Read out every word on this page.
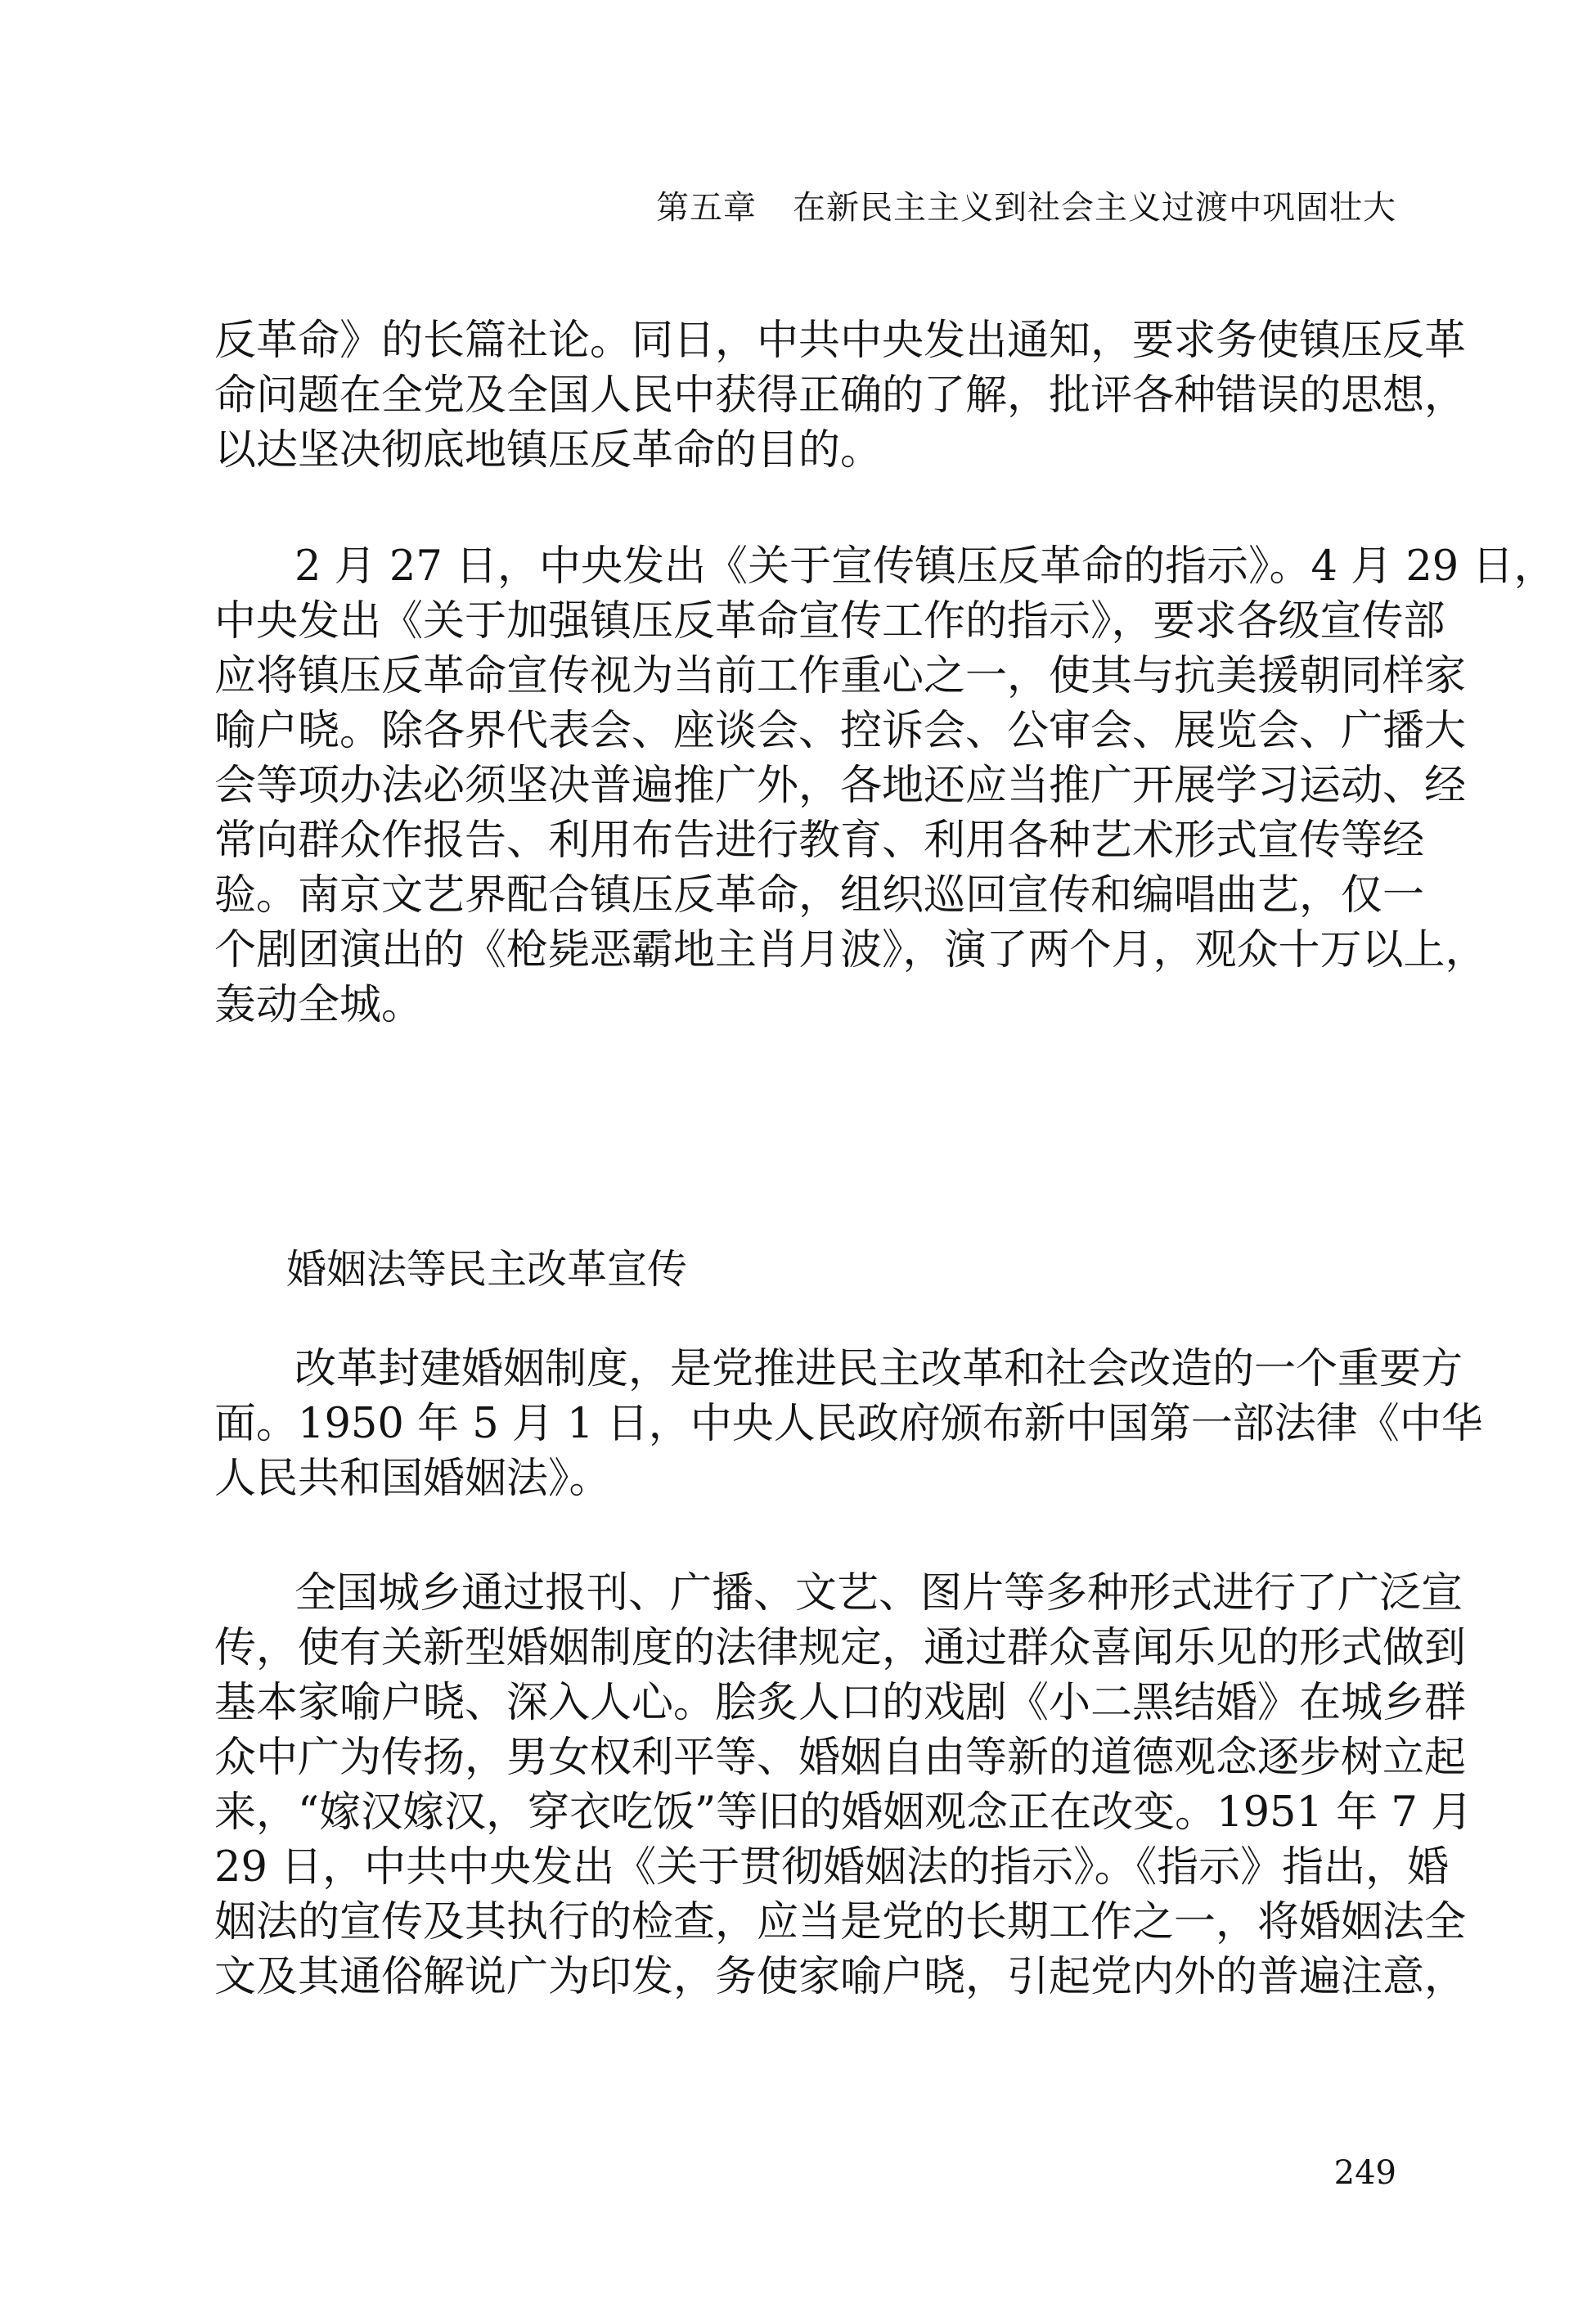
第五章 在新民主主义到社会主义过渡中巩固壮大
反革命》的长篇社论。同日，中共中央发出通知，要求务使镇压反革
命问题在全党及全国人民中获得正确的了解，批评各种错误的思想，
以达坚决彻底地镇压反革命的目的。
2 月 27 日，中央发出《关于宣传镇压反革命的指示》。4 月 29 日，
中央发出《关于加强镇压反革命宣传工作的指示》，要求各级宣传部
应将镇压反革命宣传视为当前工作重心之一，使其与抗美援朝同样家
喻户晓。除各界代表会、座谈会、控诉会、公审会、展览会、广播大
会等项办法必须坚决普遍推广外，各地还应当推广开展学习运动、经
常向群众作报告、利用布告进行教育、利用各种艺术形式宣传等经
验。南京文艺界配合镇压反革命，组织巡回宣传和编唱曲艺，仅一
个剧团演出的《枪毙恶霸地主肖月波》，演了两个月，观众十万以上，
轰动全城。
婚姻法等民主改革宣传
改革封建婚姻制度，是党推进民主改革和社会改造的一个重要方
面。1950 年 5 月 1 日，中央人民政府颁布新中国第一部法律《中华
人民共和国婚姻法》。
全国城乡通过报刊、广播、文艺、图片等多种形式进行了广泛宣
传，使有关新型婚姻制度的法律规定，通过群众喜闻乐见的形式做到
基本家喻户晓、深入人心。脍炙人口的戏剧《小二黑结婚》在城乡群
众中广为传扬，男女权利平等、婚姻自由等新的道德观念逐步树立起
来，“嫁汉嫁汉，穿衣吃饭”等旧的婚姻观念正在改变。1951 年 7 月
29 日，中共中央发出《关于贯彻婚姻法的指示》。《指示》指出，婚
姻法的宣传及其执行的检查，应当是党的长期工作之一，将婚姻法全
文及其通俗解说广为印发，务使家喻户晓，引起党内外的普遍注意，
249
